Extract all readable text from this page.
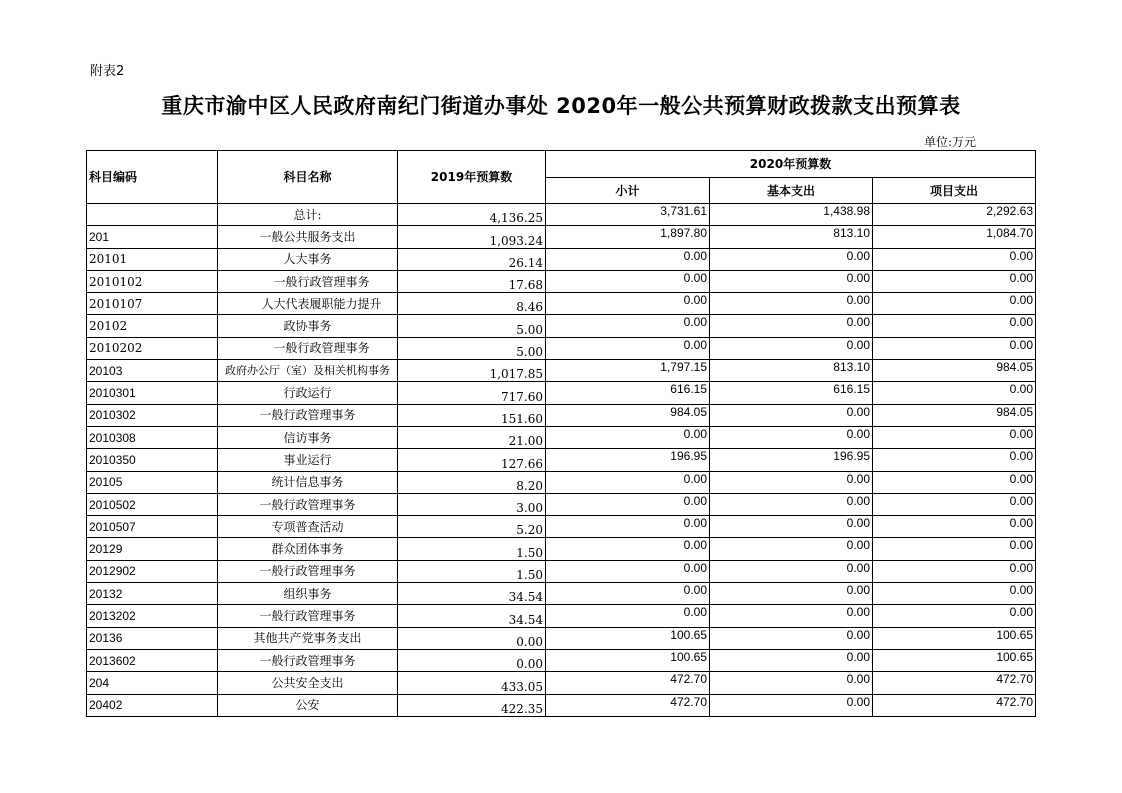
附表2
重庆市渝中区人民政府南纪门街道办事处 2020年一般公共预算财政拨款支出预算表
单位:万元
科目编码	科目名称	2019年预算数	2020年预算数		
			小计	基本支出	项目支出
	总计:	4,136.25	3,731.61	1,438.98	2,292.63
201	一般公共服务支出	1,093.24	1,897.80	813.10	1,084.70
20101	人大事务	26.14	0.00	0.00	0.00
2010102	一般行政管理事务	17.68	0.00	0.00	0.00
2010107	人大代表履职能力提升	8.46	0.00	0.00	0.00
20102	政协事务	5.00	0.00	0.00	0.00
2010202	一般行政管理事务	5.00	0.00	0.00	0.00
20103	政府办公厅（室）及相关机构事务	1,017.85	1,797.15	813.10	984.05
2010301	行政运行	717.60	616.15	616.15	0.00
2010302	一般行政管理事务	151.60	984.05	0.00	984.05
2010308	信访事务	21.00	0.00	0.00	0.00
2010350	事业运行	127.66	196.95	196.95	0.00
20105	统计信息事务	8.20	0.00	0.00	0.00
2010502	一般行政管理事务	3.00	0.00	0.00	0.00
2010507	专项普查活动	5.20	0.00	0.00	0.00
20129	群众团体事务	1.50	0.00	0.00	0.00
2012902	一般行政管理事务	1.50	0.00	0.00	0.00
20132	组织事务	34.54	0.00	0.00	0.00
2013202	一般行政管理事务	34.54	0.00	0.00	0.00
20136	其他共产党事务支出	0.00	100.65	0.00	100.65
2013602	一般行政管理事务	0.00	100.65	0.00	100.65
204	公共安全支出	433.05	472.70	0.00	472.70
20402	公安	422.35	472.70	0.00	472.70
